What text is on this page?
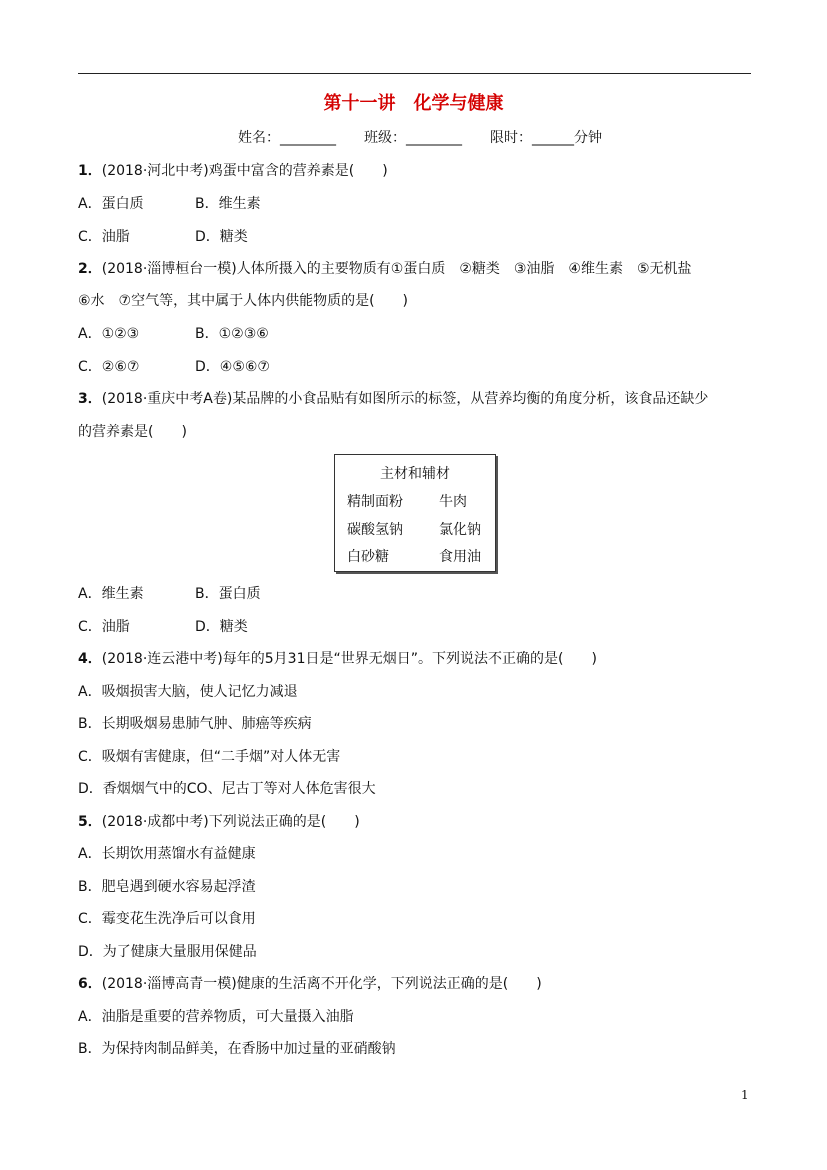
第十一讲　化学与健康
姓名：________　　 班级：________　　 限时：______分钟
1．(2018·河北中考)鸡蛋中富含的营养素是(　　)
A．蛋白质	B．维生素
C．油脂	D．糖类
2．(2018·淄博桓台一模)人体所摄入的主要物质有①蛋白质　②糖类　③油脂　④维生素　⑤无机盐
⑥水　⑦空气等，其中属于人体内供能物质的是(　　)
A．①②③	B．①②③⑥
C．②⑥⑦	D．④⑤⑥⑦
3．(2018·重庆中考A卷)某品牌的小食品贴有如图所示的标签，从营养均衡的角度分析，该食品还缺少
的营养素是(　　)
主材和辅材
精制面粉	牛肉
碳酸氢钠	氯化钠
白砂糖	食用油
A．维生素	B．蛋白质
C．油脂	D．糖类
4．(2018·连云港中考)每年的5月31日是“世界无烟日”。下列说法不正确的是(　　)
A．吸烟损害大脑，使人记忆力减退
B．长期吸烟易患肺气肿、肺癌等疾病
C．吸烟有害健康，但“二手烟”对人体无害
D．香烟烟气中的CO、尼古丁等对人体危害很大
5．(2018·成都中考)下列说法正确的是(　　)
A．长期饮用蒸馏水有益健康
B．肥皂遇到硬水容易起浮渣
C．霉变花生洗净后可以食用
D．为了健康大量服用保健品
6．(2018·淄博高青一模)健康的生活离不开化学，下列说法正确的是(　　)
A．油脂是重要的营养物质，可大量摄入油脂
B．为保持肉制品鲜美，在香肠中加过量的亚硝酸钠
1
